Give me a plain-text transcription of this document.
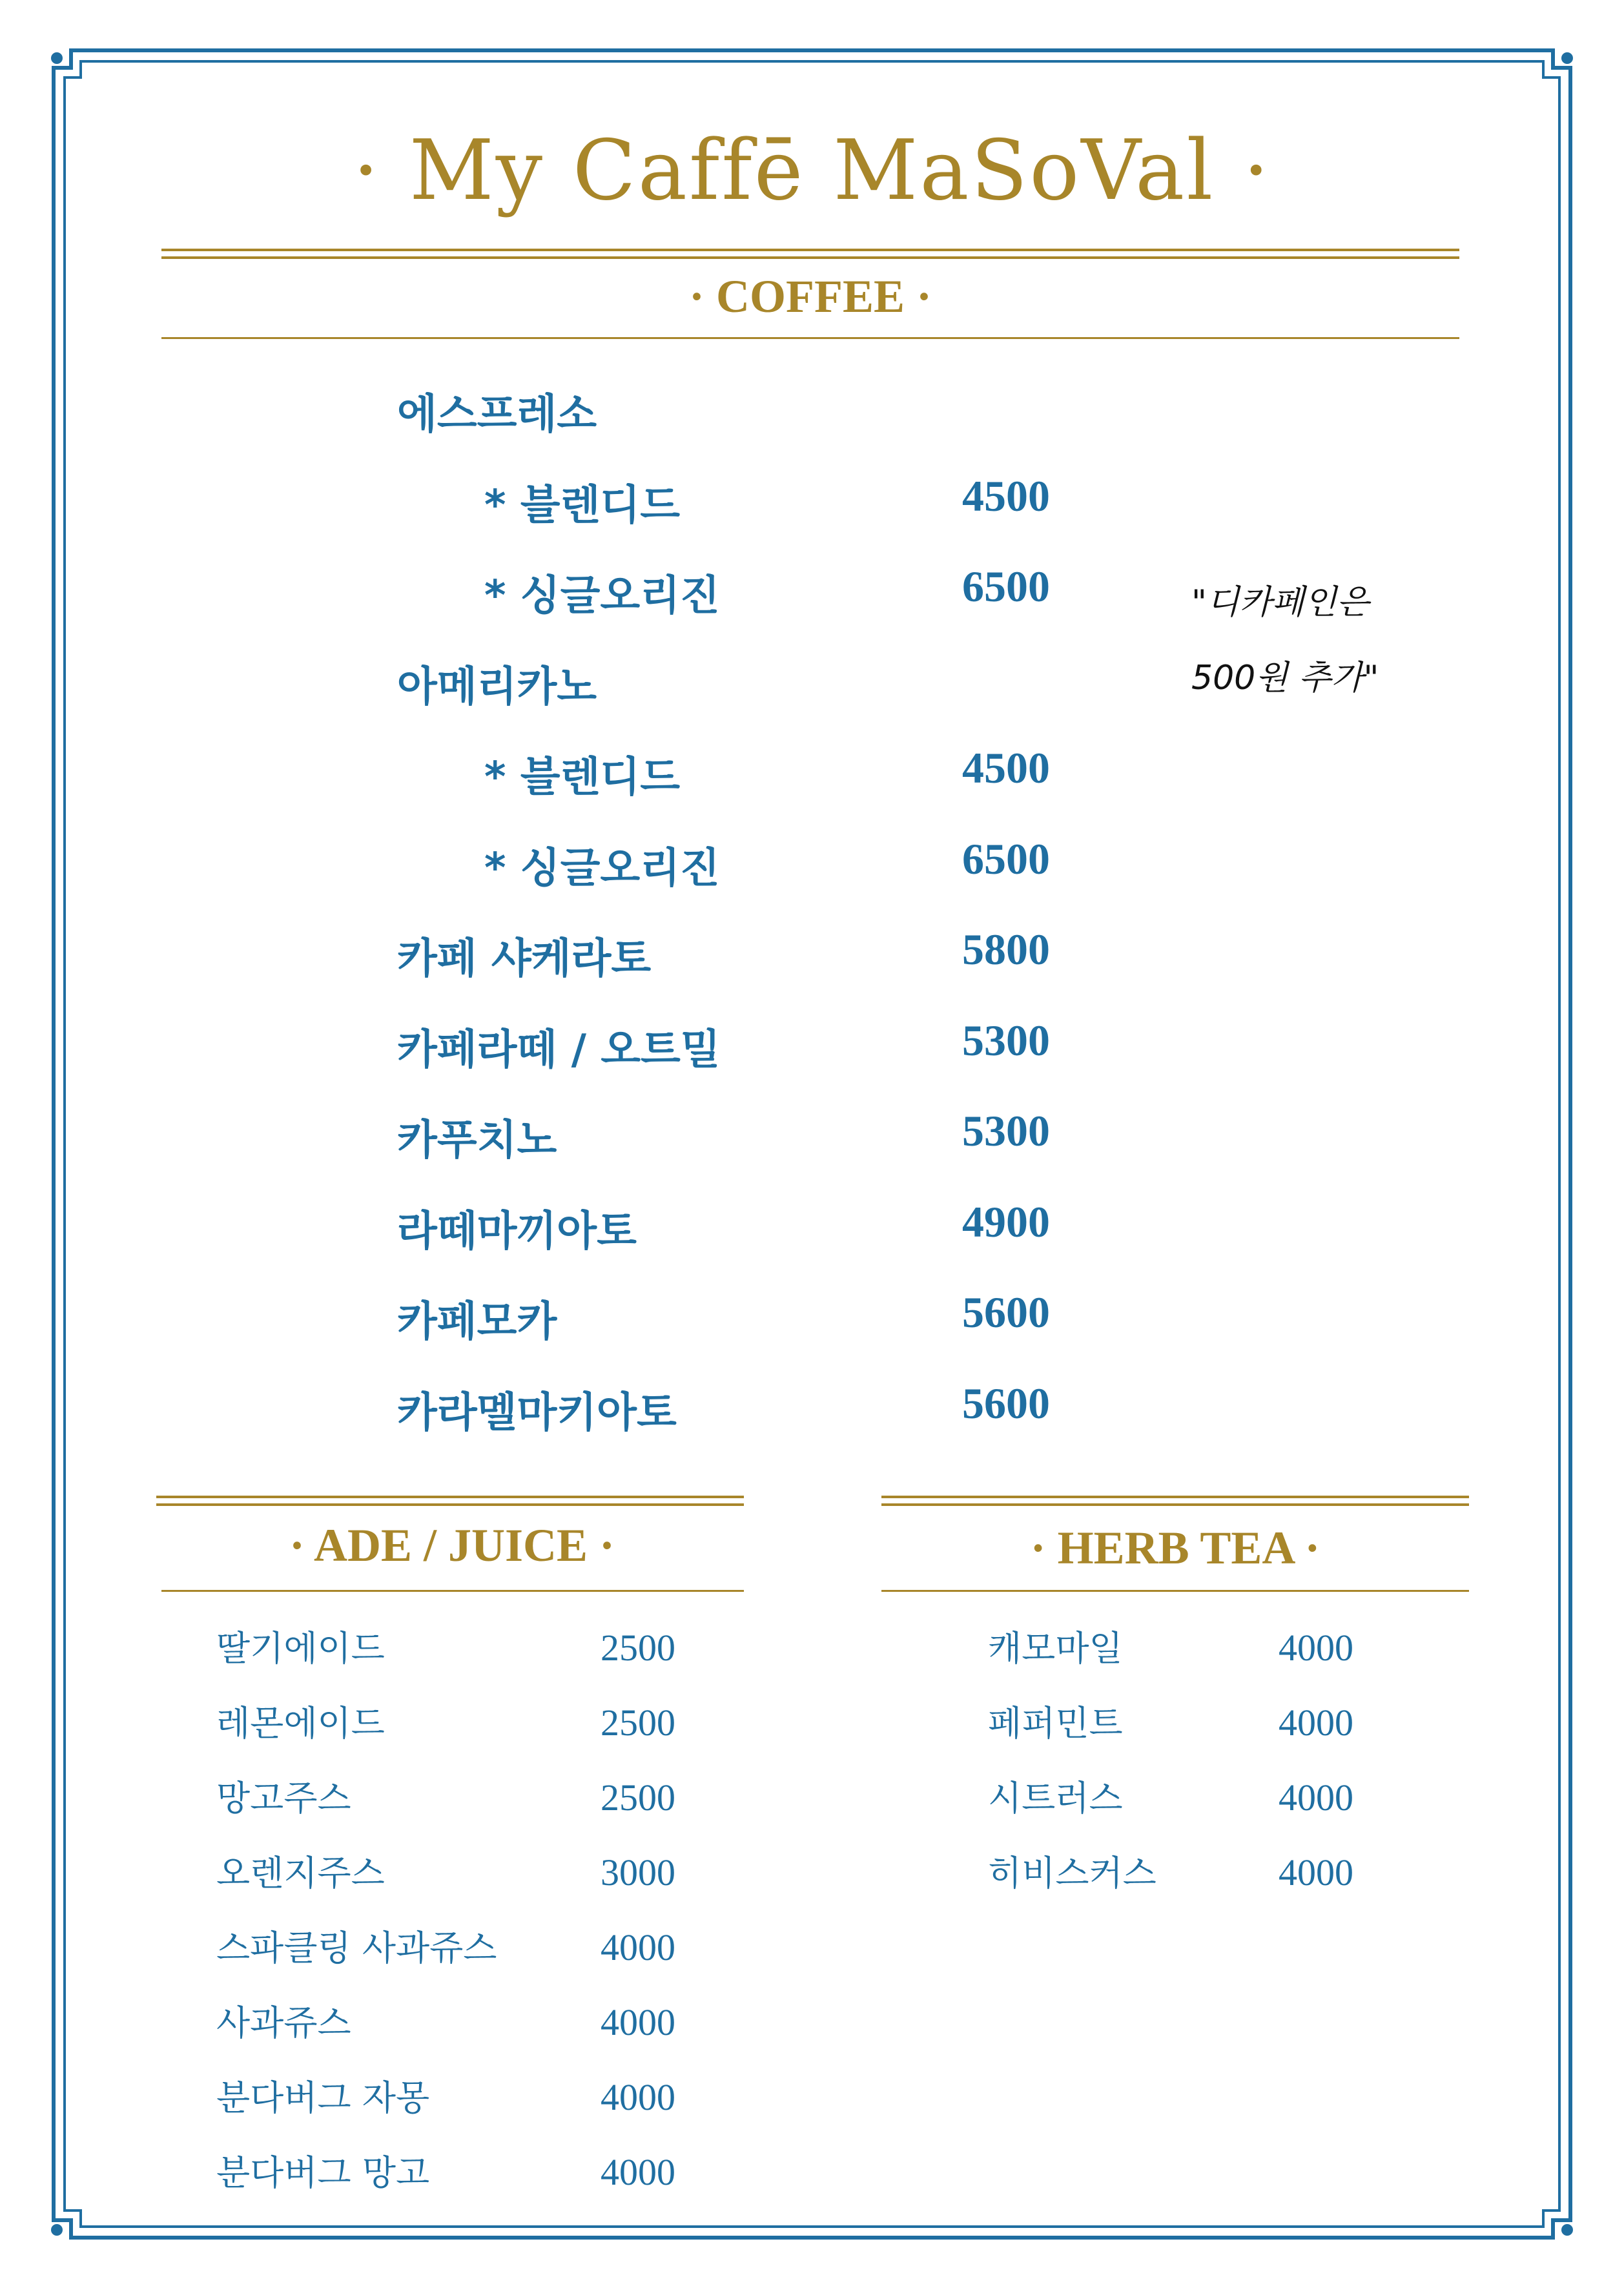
· My Caffē MaSoVal ·
· COFFEE ·
에스프레소
* 블렌디드	4500
* 싱글오리진	6500
아메리카노
* 블렌디드	4500
* 싱글오리진	6500
카페 샤케라토	5800
카페라떼 / 오트밀	5300
카푸치노	5300
라떼마끼아토	4900
카페모카	5600
카라멜마키아토	5600
"디카페인은
500원 추가"
· ADE / JUICE ·
딸기에이드	2500
레몬에이드	2500
망고주스	2500
오렌지주스	3000
스파클링 사과쥬스	4000
사과쥬스	4000
분다버그 자몽	4000
분다버그 망고	4000
· HERB TEA ·
캐모마일	4000
페퍼민트	4000
시트러스	4000
히비스커스	4000
